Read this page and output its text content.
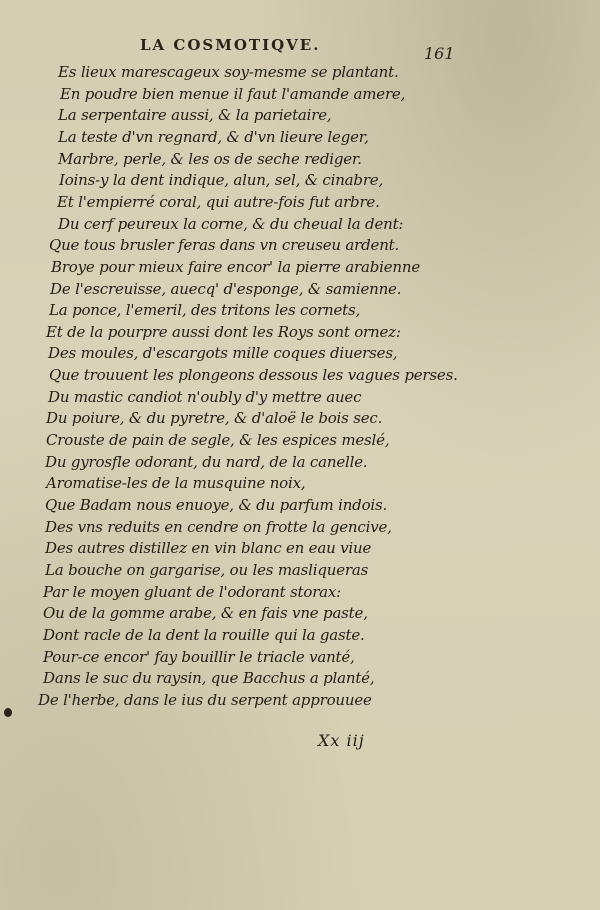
LA COSMOTIQVE.	161
Es lieux marescageux soy-mesme se plantant.
En poudre bien menue il faut l'amande amere,
La serpentaire aussi, & la parietaire,
La teste d'vn regnard, & d'vn lieure leger,
Marbre, perle, & les os de seche rediger.
Ioins-y la dent indique, alun, sel, & cinabre,
Et l'empierré coral, qui autre-fois fut arbre.
Du cerf peureux la corne, & du cheual la dent:
Que tous brusler feras dans vn creuseu ardent.
Broye pour mieux faire encor' la pierre arabienne
De l'escreuisse, auecq' d'esponge, & samienne.
La ponce, l'emeril, des tritons les cornets,
Et de la pourpre aussi dont les Roys sont ornez:
Des moules, d'escargots mille coques diuerses,
Que trouuent les plongeons dessous les vagues perses.
Du mastic candiot n'oubly d'y mettre auec
Du poiure, & du pyretre, & d'aloë le bois sec.
Crouste de pain de segle, & les espices meslé,
Du gyrosfle odorant, du nard, de la canelle.
Aromatise-les de la musquine noix,
Que Badam nous enuoye, & du parfum indois.
Des vns reduits en cendre on frotte la gencive,
Des autres distillez en vin blanc en eau viue
La bouche on gargarise, ou les masliqueras
Par le moyen gluant de l'odorant storax:
Ou de la gomme arabe, & en fais vne paste,
Dont racle de la dent la rouille qui la gaste.
Pour-ce encor' fay bouillir le triacle vanté,
Dans le suc du raysin, que Bacchus a planté,
De l'herbe, dans le ius du serpent approuuee
Xx iij
